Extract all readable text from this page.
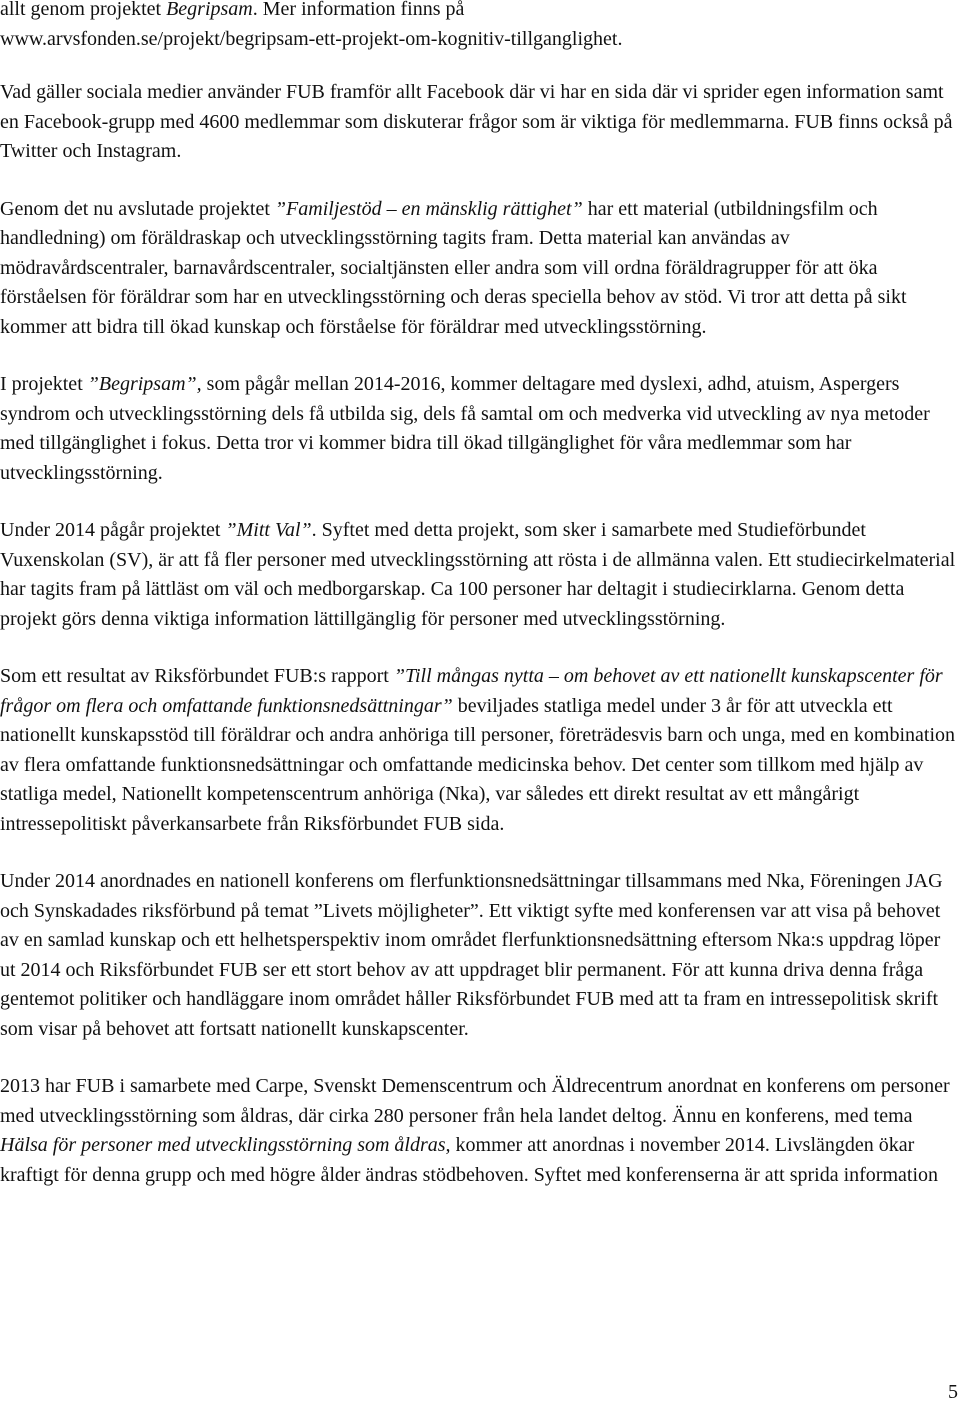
allt genom projektet Begripsam. Mer information finns på
www.arvsfonden.se/projekt/begripsam-ett-projekt-om-kognitiv-tillganglighet.

Vad gäller sociala medier använder FUB framför allt Facebook där vi har en sida där vi sprider egen information samt en Facebook-grupp med 4600 medlemmar som diskuterar frågor som är viktiga för medlemmarna. FUB finns också på Twitter och Instagram.

Genom det nu avslutade projektet ”Familjestöd – en mänsklig rättighet” har ett material (utbildningsfilm och handledning) om föräldraskap och utvecklingsstörning tagits fram. Detta material kan användas av mödravårdscentraler, barnavårdscentraler, socialtjänsten eller andra som vill ordna föräldragrupper för att öka förståelsen för föräldrar som har en utvecklingsstörning och deras speciella behov av stöd. Vi tror att detta på sikt kommer att bidra till ökad kunskap och förståelse för föräldrar med utvecklingsstörning.

I projektet ”Begripsam”, som pågår mellan 2014-2016, kommer deltagare med dyslexi, adhd, atuism, Aspergers syndrom och utvecklingsstörning dels få utbilda sig, dels få samtal om och medverka vid utveckling av nya metoder med tillgänglighet i fokus. Detta tror vi kommer bidra till ökad tillgänglighet för våra medlemmar som har utvecklingsstörning.

Under 2014 pågår projektet ”Mitt Val”. Syftet med detta projekt, som sker i samarbete med Studieförbundet Vuxenskolan (SV), är att få fler personer med utvecklingsstörning att rösta i de allmänna valen. Ett studiecirkelmaterial har tagits fram på lättläst om väl och medborgarskap. Ca 100 personer har deltagit i studiecirklarna. Genom detta projekt görs denna viktiga information lättillgänglig för personer med utvecklingsstörning.

Som ett resultat av Riksförbundet FUB:s rapport ”Till mångas nytta – om behovet av ett nationellt kunskapscenter för frågor om flera och omfattande funktionsnedsättningar” beviljades statliga medel under 3 år för att utveckla ett nationellt kunskapsstöd till föräldrar och andra anhöriga till personer, företrädesvis barn och unga, med en kombination av flera omfattande funktionsnedsättningar och omfattande medicinska behov. Det center som tillkom med hjälp av statliga medel, Nationellt kompetenscentrum anhöriga (Nka), var således ett direkt resultat av ett mångårigt intressepolitiskt påverkansarbete från Riksförbundet FUB sida.

Under 2014 anordnades en nationell konferens om flerfunktionsnedsättningar tillsammans med Nka, Föreningen JAG och Synskadades riksförbund på temat ”Livets möjligheter”. Ett viktigt syfte med konferensen var att visa på behovet av en samlad kunskap och ett helhetsperspektiv inom området flerfunktionsnedsättning eftersom Nka:s uppdrag löper ut 2014 och Riksförbundet FUB ser ett stort behov av att uppdraget blir permanent. För att kunna driva denna fråga gentemot politiker och handläggare inom området håller Riksförbundet FUB med att ta fram en intressepolitisk skrift som visar på behovet att fortsatt nationellt kunskapscenter.

2013 har FUB i samarbete med Carpe, Svenskt Demenscentrum och Äldrecentrum anordnat en konferens om personer med utvecklingsstörning som åldras, där cirka 280 personer från hela landet deltog. Ännu en konferens, med tema Hälsa för personer med utvecklingsstörning som åldras, kommer att anordnas i november 2014. Livslängden ökar kraftigt för denna grupp och med högre ålder ändras stödbehoven. Syftet med konferenserna är att sprida information

5
